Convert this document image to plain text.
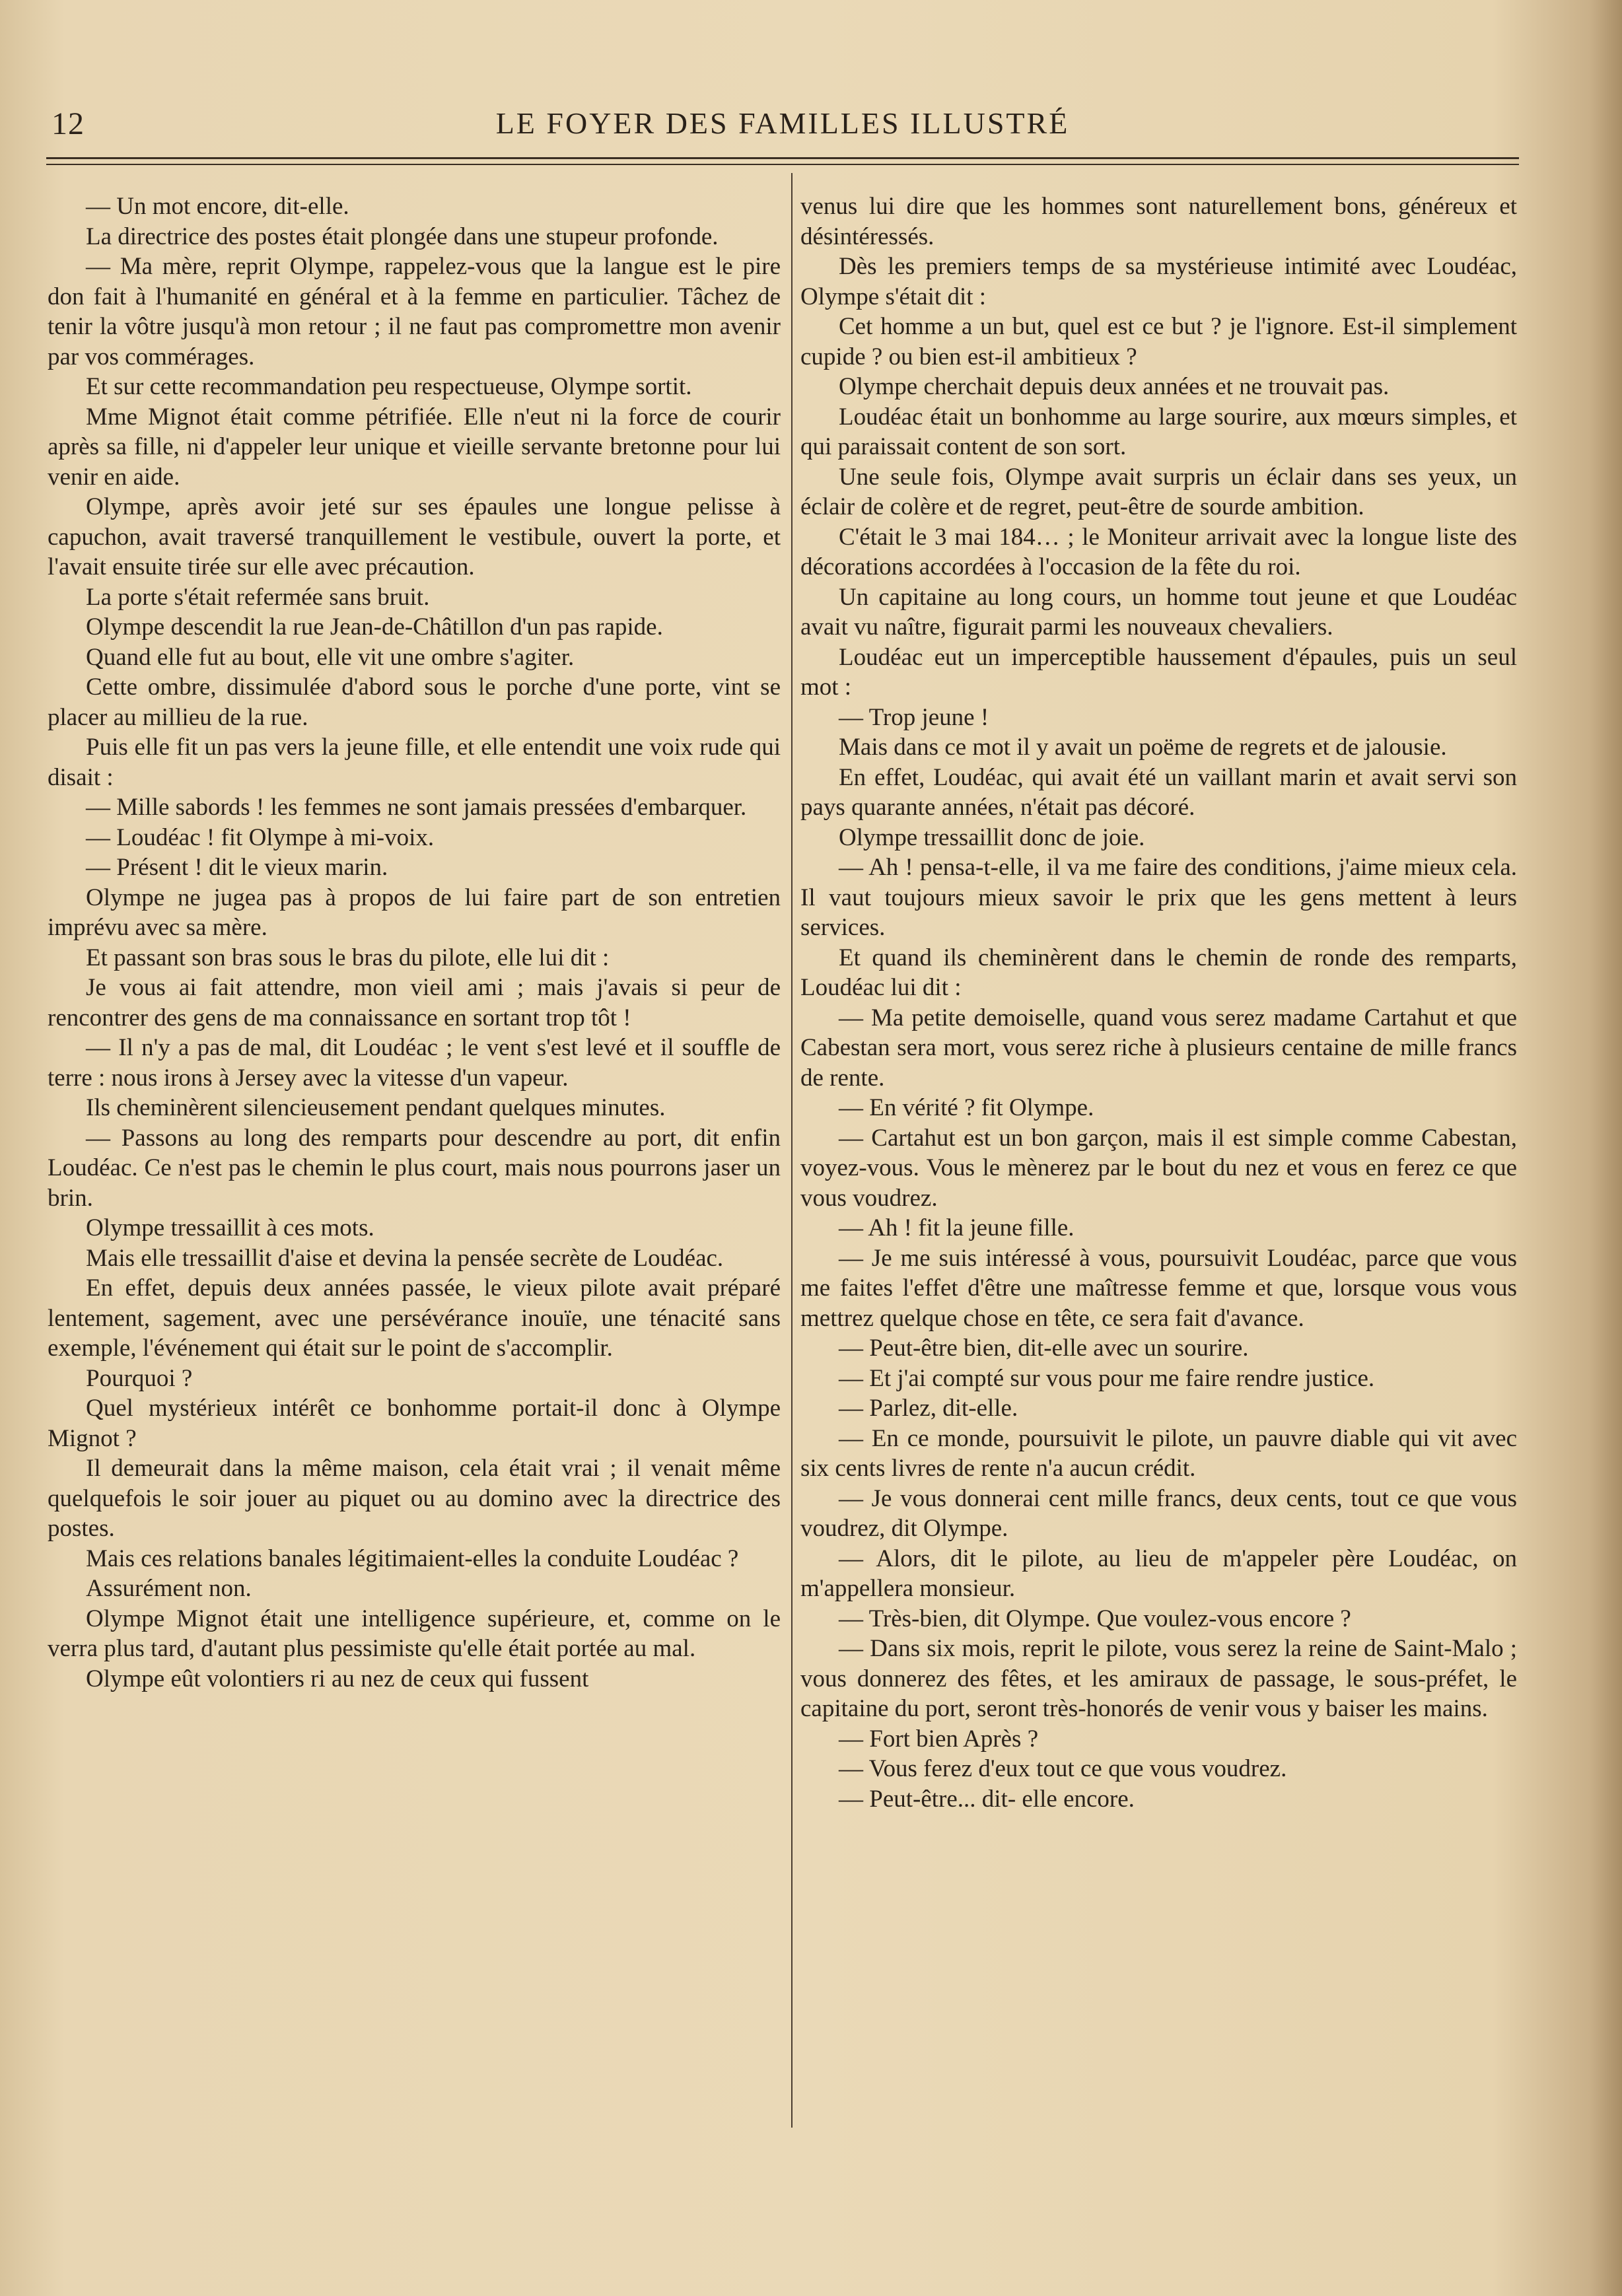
12	LE FOYER DES FAMILLES ILLUSTRÉ

— Un mot encore, dit-elle.

La directrice des postes était plongée dans une stupeur profonde.

— Ma mère, reprit Olympe, rappelez-vous que la langue est le pire don fait à l'humanité en général et à la femme en particulier. Tâchez de tenir la vôtre jusqu'à mon retour ; il ne faut pas compromettre mon avenir par vos commérages.

Et sur cette recommandation peu respectueuse, Olympe sortit.

Mme Mignot était comme pétrifiée. Elle n'eut ni la force de courir après sa fille, ni d'appeler leur unique et vieille servante bretonne pour lui venir en aide.

Olympe, après avoir jeté sur ses épaules une longue pelisse à capuchon, avait traversé tranquillement le vestibule, ouvert la porte, et l'avait ensuite tirée sur elle avec précaution.

La porte s'était refermée sans bruit.

Olympe descendit la rue Jean-de-Châtillon d'un pas rapide.

Quand elle fut au bout, elle vit une ombre s'agiter.

Cette ombre, dissimulée d'abord sous le porche d'une porte, vint se placer au millieu de la rue.

Puis elle fit un pas vers la jeune fille, et elle entendit une voix rude qui disait :

— Mille sabords ! les femmes ne sont jamais pressées d'embarquer.

— Loudéac ! fit Olympe à mi-voix.

— Présent ! dit le vieux marin.

Olympe ne jugea pas à propos de lui faire part de son entretien imprévu avec sa mère.

Et passant son bras sous le bras du pilote, elle lui dit :

Je vous ai fait attendre, mon vieil ami ; mais j'avais si peur de rencontrer des gens de ma connaissance en sortant trop tôt !

— Il n'y a pas de mal, dit Loudéac ; le vent s'est levé et il souffle de terre : nous irons à Jersey avec la vitesse d'un vapeur.

Ils cheminèrent silencieusement pendant quelques minutes.

— Passons au long des remparts pour descendre au port, dit enfin Loudéac. Ce n'est pas le chemin le plus court, mais nous pourrons jaser un brin.

Olympe tressaillit à ces mots.

Mais elle tressaillit d'aise et devina la pensée secrète de Loudéac.

En effet, depuis deux années passée, le vieux pilote avait préparé lentement, sagement, avec une persévérance inouïe, une ténacité sans exemple, l'événement qui était sur le point de s'accomplir.

Pourquoi ?

Quel mystérieux intérêt ce bonhomme portait-il donc à Olympe Mignot ?

Il demeurait dans la même maison, cela était vrai ; il venait même quelquefois le soir jouer au piquet ou au domino avec la directrice des postes.

Mais ces relations banales légitimaient-elles la conduite Loudéac ?

Assurément non.

Olympe Mignot était une intelligence supérieure, et, comme on le verra plus tard, d'autant plus pessimiste qu'elle était portée au mal.

Olympe eût volontiers ri au nez de ceux qui fussent

venus lui dire que les hommes sont naturellement bons, généreux et désintéressés.

Dès les premiers temps de sa mystérieuse intimité avec Loudéac, Olympe s'était dit :

Cet homme a un but, quel est ce but ? je l'ignore. Est-il simplement cupide ? ou bien est-il ambitieux ?

Olympe cherchait depuis deux années et ne trouvait pas.

Loudéac était un bonhomme au large sourire, aux mœurs simples, et qui paraissait content de son sort.

Une seule fois, Olympe avait surpris un éclair dans ses yeux, un éclair de colère et de regret, peut-être de sourde ambition.

C'était le 3 mai 184… ; le Moniteur arrivait avec la longue liste des décorations accordées à l'occasion de la fête du roi.

Un capitaine au long cours, un homme tout jeune et que Loudéac avait vu naître, figurait parmi les nouveaux chevaliers.

Loudéac eut un imperceptible haussement d'épaules, puis un seul mot :

— Trop jeune !

Mais dans ce mot il y avait un poëme de regrets et de jalousie.

En effet, Loudéac, qui avait été un vaillant marin et avait servi son pays quarante années, n'était pas décoré.

Olympe tressaillit donc de joie.

— Ah ! pensa-t-elle, il va me faire des conditions, j'aime mieux cela. Il vaut toujours mieux savoir le prix que les gens mettent à leurs services.

Et quand ils cheminèrent dans le chemin de ronde des remparts, Loudéac lui dit :

— Ma petite demoiselle, quand vous serez madame Cartahut et que Cabestan sera mort, vous serez riche à plusieurs centaine de mille francs de rente.

— En vérité ? fit Olympe.

— Cartahut est un bon garçon, mais il est simple comme Cabestan, voyez-vous. Vous le mènerez par le bout du nez et vous en ferez ce que vous voudrez.

— Ah ! fit la jeune fille.

— Je me suis intéressé à vous, poursuivit Loudéac, parce que vous me faites l'effet d'être une maîtresse femme et que, lorsque vous vous mettrez quelque chose en tête, ce sera fait d'avance.

— Peut-être bien, dit-elle avec un sourire.

— Et j'ai compté sur vous pour me faire rendre justice.

— Parlez, dit-elle.

— En ce monde, poursuivit le pilote, un pauvre diable qui vit avec six cents livres de rente n'a aucun crédit.

— Je vous donnerai cent mille francs, deux cents, tout ce que vous voudrez, dit Olympe.

— Alors, dit le pilote, au lieu de m'appeler père Loudéac, on m'appellera monsieur.

— Très-bien, dit Olympe. Que voulez-vous encore ?

— Dans six mois, reprit le pilote, vous serez la reine de Saint-Malo ; vous donnerez des fêtes, et les amiraux de passage, le sous-préfet, le capitaine du port, seront très-honorés de venir vous y baiser les mains.

— Fort bien Après ?

— Vous ferez d'eux tout ce que vous voudrez.

— Peut-être... dit- elle encore.
